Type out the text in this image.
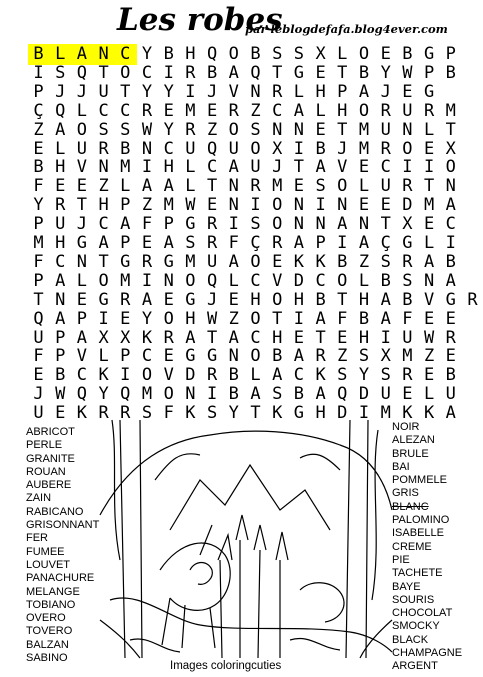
Les robes
par leblogdefafa.blog4ever.com
B L A N C Y B H Q O B S S X L O E B G P
I S Q T O C I R B A Q T G E T B Y W P B
P J J U T Y Y I J V N R L H P A J E G
Ç Q L C C R E M E R Z C A L H O R U R M
Z A O S S W Y R Z O S N N E T M U N L T
E L U R B N C U Q U O X I B J M R O E X
B H V N M I H L C A U J T A V E C I I O
F E E Z L A A L T N R M E S O L U R T N
Y R T H P Z M W E N I O N I N E E D M A
P U J C A F P G R I S O N N A N T X E C
M H G A P E A S R F Ç R A P I A Ç G L I
F C N T G R G M U A O E K K B Z S R A B
P A L O M I N O Q L C V D C O L B S N A
T N E G R A E G J E H O H B T H A B V G R
Q A P I E Y O H W Z O T I A F B A F E E
U P A X X K R A T A C H E T E H I U W R
F P V L P C E G G N O B A R Z S X M Z E
E B C K I O V D R B L A C K S Y S R E B
J W Q Y Q M O N I B A S B A Q D U E L U
U E K R R S F K S Y T K G H D I M K K A
ABRICOT
PERLE
GRANITE
ROUAN
AUBERE
ZAIN
RABICANO
GRISONNANT
FER
FUMEE
LOUVET
PANACHURE
MELANGE
TOBIANO
OVERO
TOVERO
BALZAN
SABINO
NOIR
ALEZAN
BRULE
BAI
POMMELE
GRIS
BLANC
PALOMINO
ISABELLE
CREME
PIE
TACHETE
BAYE
SOURIS
CHOCOLAT
SMOCKY
BLACK
CHAMPAGNE
ARGENT
Images coloringcuties
